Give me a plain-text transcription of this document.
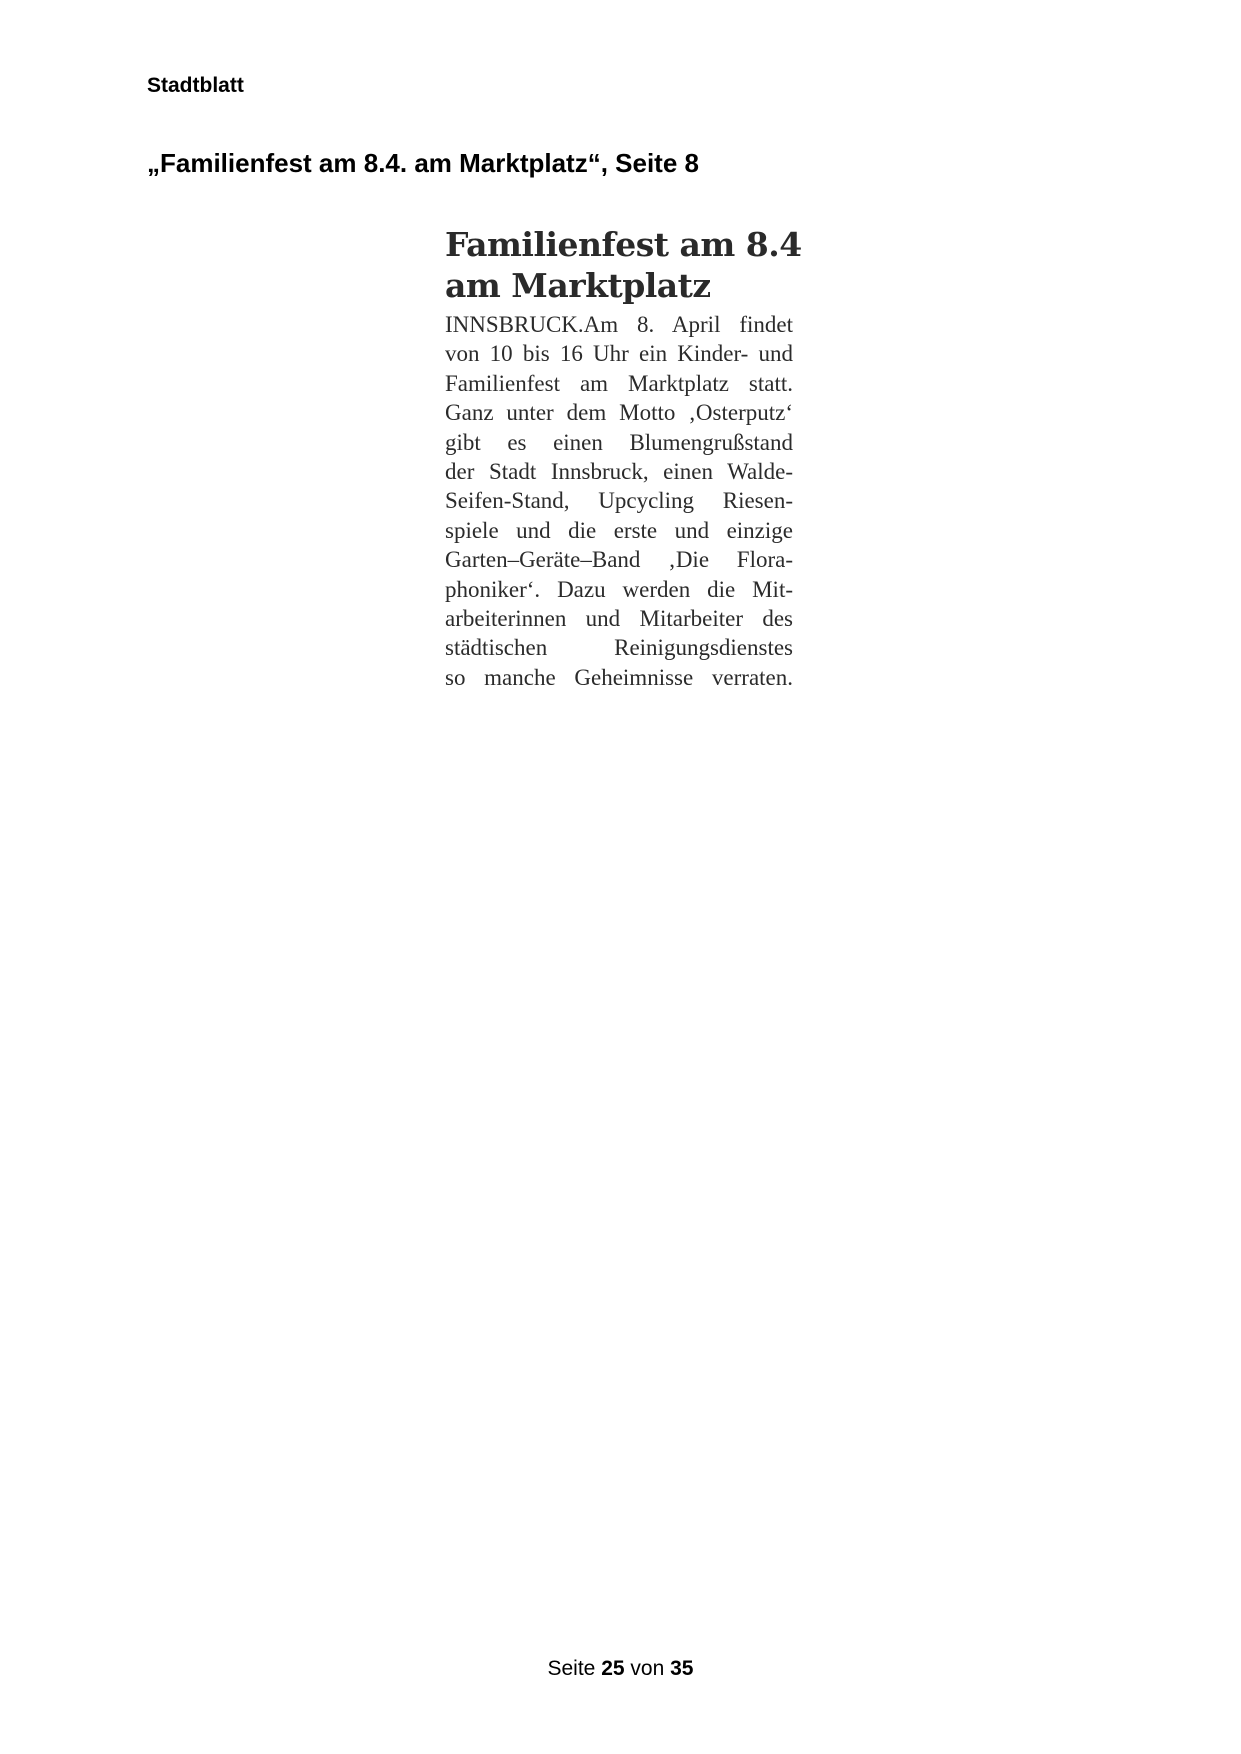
Stadtblatt
„Familienfest am 8.4. am Marktplatz“, Seite 8
Familienfest am 8.4
am Marktplatz
INNSBRUCK.Am 8. April findet
von 10 bis 16 Uhr ein Kinder- und
Familienfest am Marktplatz statt.
Ganz unter dem Motto ‚Osterputz‘
gibt es einen Blumengrußstand
der Stadt Innsbruck, einen Walde-
Seifen-Stand, Upcycling Riesen-
spiele und die erste und einzige
Garten–Geräte–Band ‚Die Flora-
phoniker‘. Dazu werden die Mit-
arbeiterinnen und Mitarbeiter des
städtischen Reinigungsdienstes
so manche Geheimnisse verraten.
Seite 25 von 35
